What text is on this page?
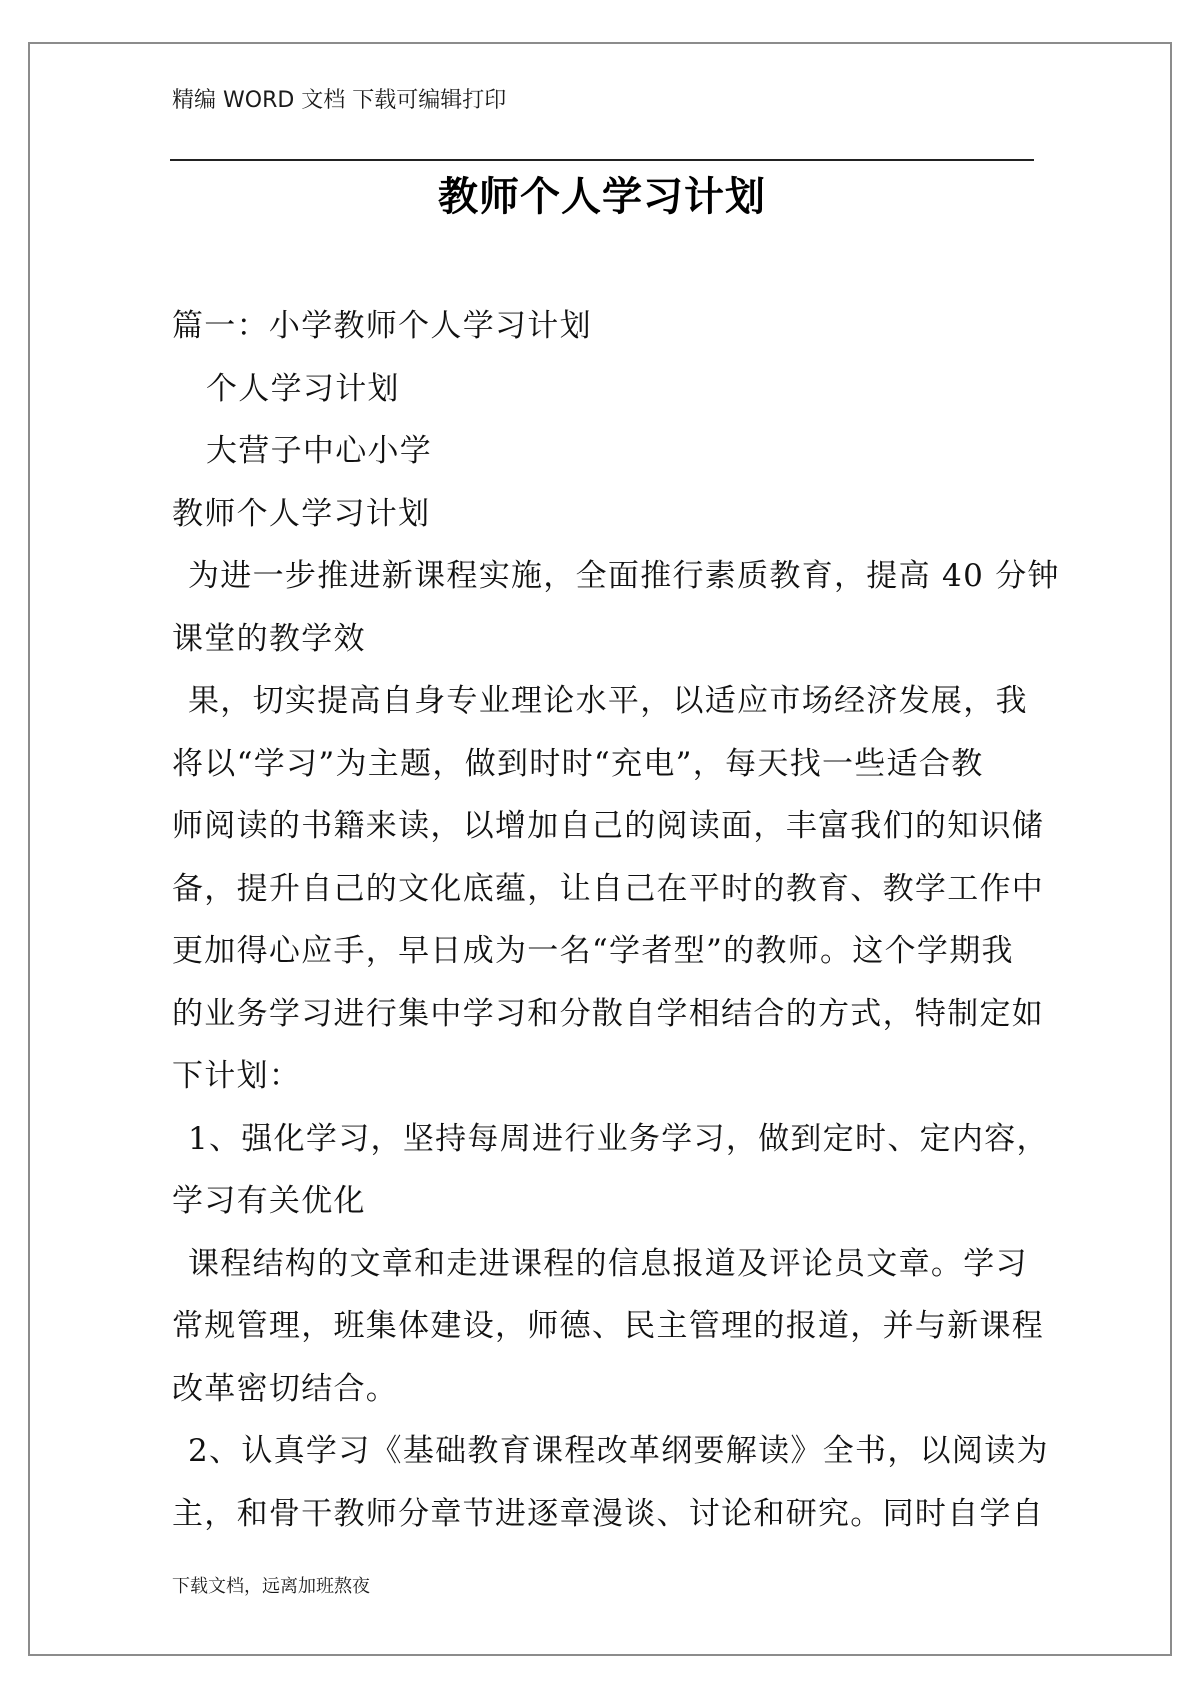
精编 WORD 文档 下载可编辑打印
教师个人学习计划
篇一：小学教师个人学习计划
个人学习计划
大营子中心小学
教师个人学习计划
为进一步推进新课程实施，全面推行素质教育，提高 40 分钟
课堂的教学效
果，切实提高自身专业理论水平，以适应市场经济发展，我
将以“学习”为主题，做到时时“充电”，每天找一些适合教
师阅读的书籍来读，以增加自己的阅读面，丰富我们的知识储
备，提升自己的文化底蕴，让自己在平时的教育、教学工作中
更加得心应手，早日成为一名“学者型”的教师。这个学期我
的业务学习进行集中学习和分散自学相结合的方式，特制定如
下计划：
1、强化学习，坚持每周进行业务学习，做到定时、定内容，
学习有关优化
课程结构的文章和走进课程的信息报道及评论员文章。学习
常规管理，班集体建设，师德、民主管理的报道，并与新课程
改革密切结合。
2、认真学习《基础教育课程改革纲要解读》全书，以阅读为
主，和骨干教师分章节进逐章漫谈、讨论和研究。同时自学自
下载文档，远离加班熬夜
